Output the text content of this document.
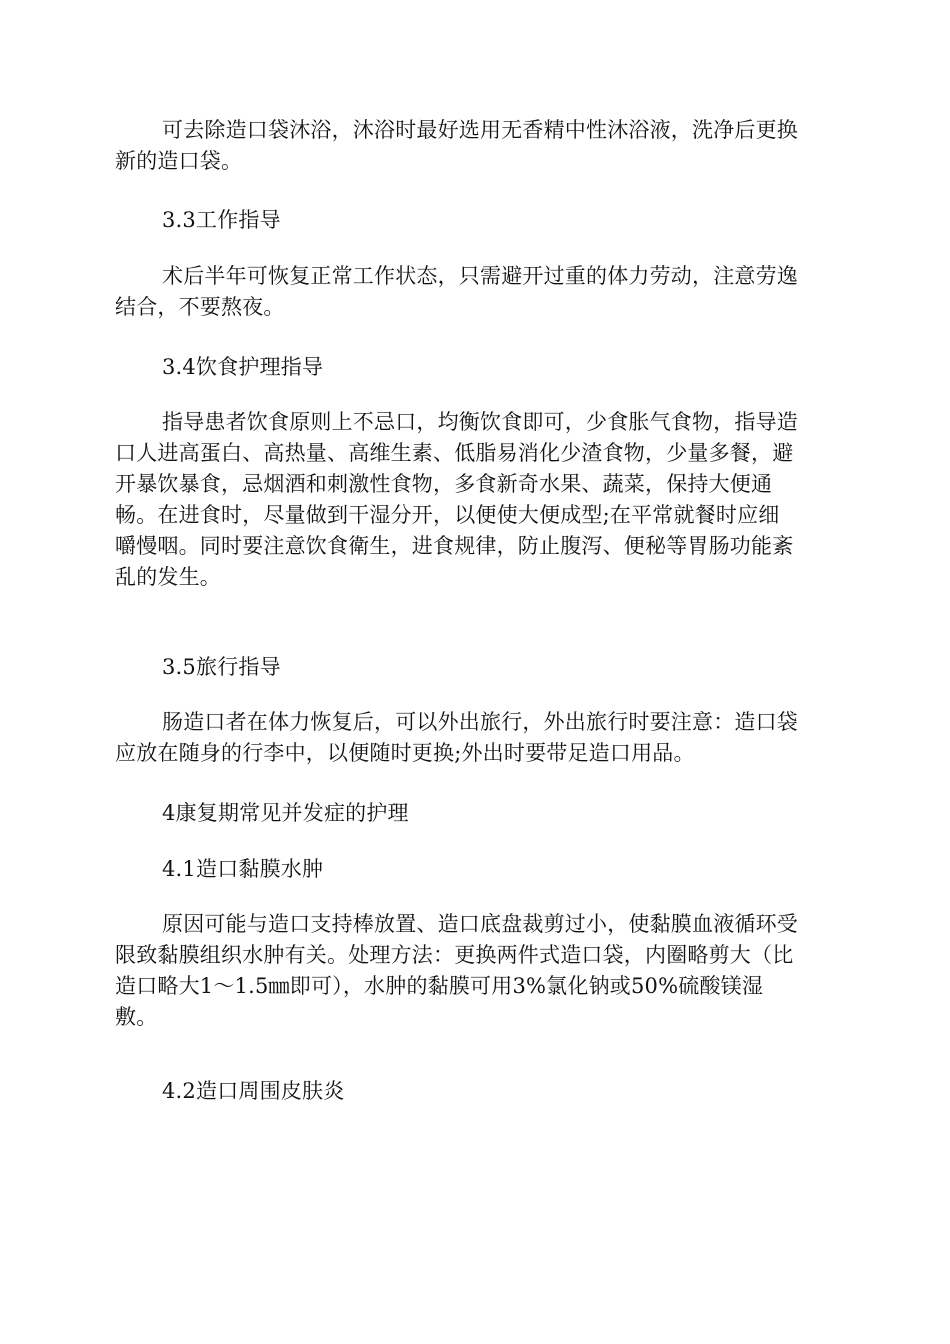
可去除造口袋沐浴，沐浴时最好选用无香精中性沐浴液，洗净后更换
新的造口袋。
3.3工作指导
术后半年可恢复正常工作状态，只需避开过重的体力劳动，注意劳逸
结合，不要熬夜。
3.4饮食护理指导
指导患者饮食原则上不忌口，均衡饮食即可，少食胀气食物，指导造
口人进高蛋白、高热量、高维生素、低脂易消化少渣食物，少量多餐，避
开暴饮暴食，忌烟酒和刺激性食物，多食新奇水果、蔬菜，保持大便通
畅。在进食时，尽量做到干湿分开，以便使大便成型;在平常就餐时应细
嚼慢咽。同时要注意饮食衛生，进食规律，防止腹泻、便秘等胃肠功能紊
乱的发生。
3.5旅行指导
肠造口者在体力恢复后，可以外出旅行，外出旅行时要注意：造口袋
应放在随身的行李中，以便随时更换;外出时要带足造口用品。
4康复期常见并发症的护理
4.1造口黏膜水肿
原因可能与造口支持棒放置、造口底盘裁剪过小，使黏膜血液循环受
限致黏膜组织水肿有关。处理方法：更换两件式造口袋，内圈略剪大（比
造口略大1～1.5㎜即可），水肿的黏膜可用3%氯化钠或50%硫酸镁湿
敷。
4.2造口周围皮肤炎
